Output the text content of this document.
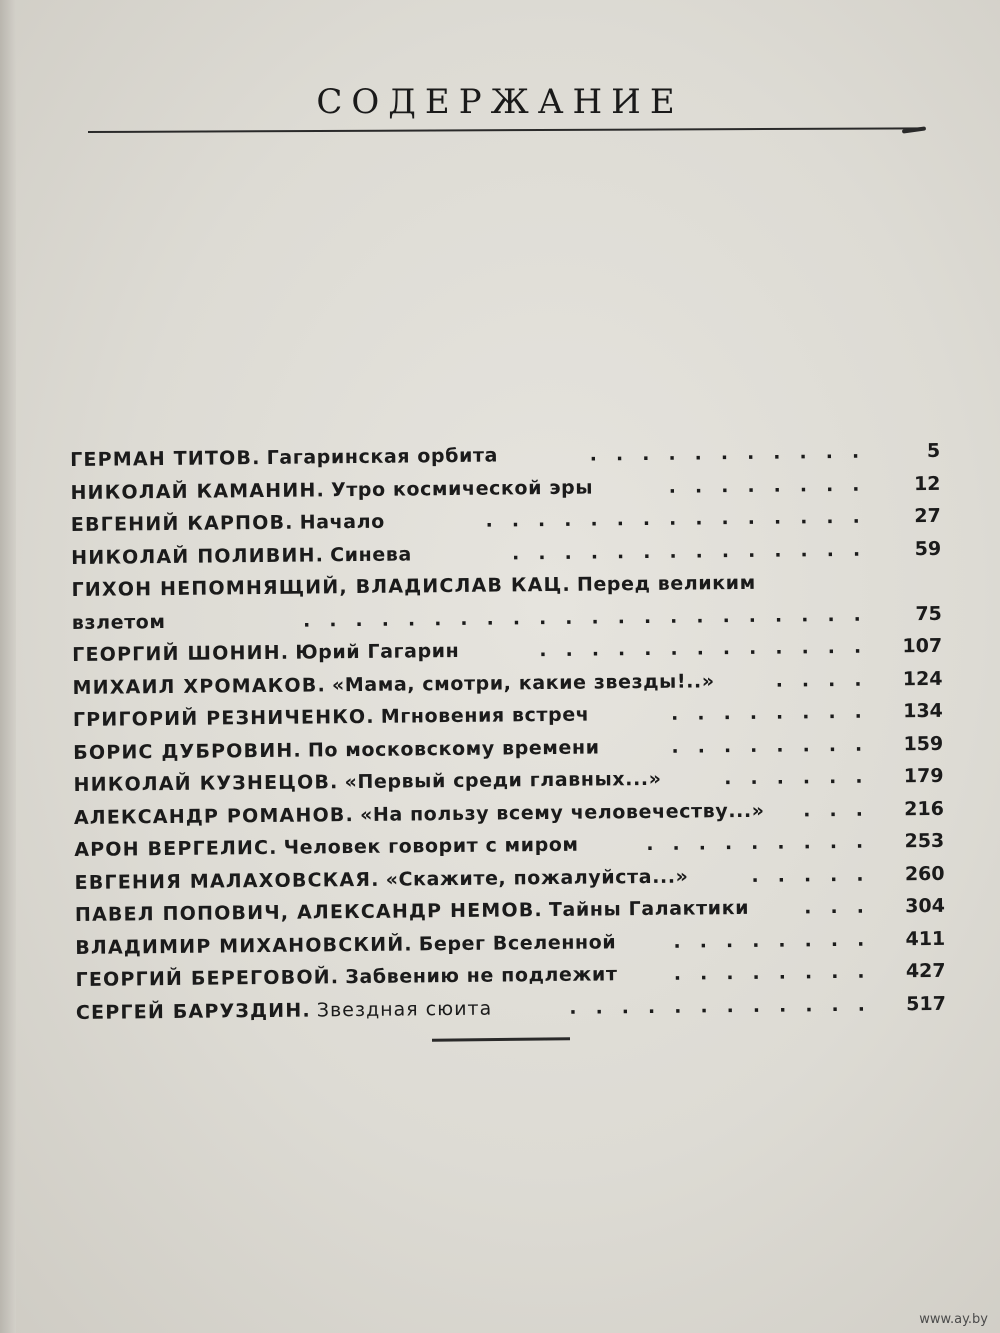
СОДЕРЖАНИЕ
ГЕРМАН ТИТОВ. Гагаринская орбита	5
...........
НИКОЛАЙ КАМАНИН. Утро космической эры	12
........
ЕВГЕНИЙ КАРПОВ. Начало	27
...............
НИКОЛАЙ ПОЛИВИН. Синева	59
..............
ГИХОН НЕПОМНЯЩИЙ, ВЛАДИСЛАВ КАЦ. Перед великим
взлетом	75
......................
ГЕОРГИЙ ШОНИН. Юрий Гагарин	107
.............
МИХАИЛ ХРОМАКОВ. «Мама, смотри, какие звезды!..»	124
....
ГРИГОРИЙ РЕЗНИЧЕНКО. Мгновения встреч	134
........
БОРИС ДУБРОВИН. По московскому времени	159
........
НИКОЛАЙ КУЗНЕЦОВ. «Первый среди главных...»	179
......
АЛЕКСАНДР РОМАНОВ. «На пользу всему человечеству...»	216
...
АРОН ВЕРГЕЛИС. Человек говорит с миром	253
.........
ЕВГЕНИЯ МАЛАХОВСКАЯ. «Скажите, пожалуйста...»	260
.....
ПАВЕЛ ПОПОВИЧ, АЛЕКСАНДР НЕМОВ. Тайны Галактики	304
...
ВЛАДИМИР МИХАНОВСКИЙ. Берег Вселенной	411
........
ГЕОРГИЙ БЕРЕГОВОЙ. Забвению не подлежит	427
........
СЕРГЕЙ БАРУЗДИН. Звездная сюита	517
............
www.ay.by
